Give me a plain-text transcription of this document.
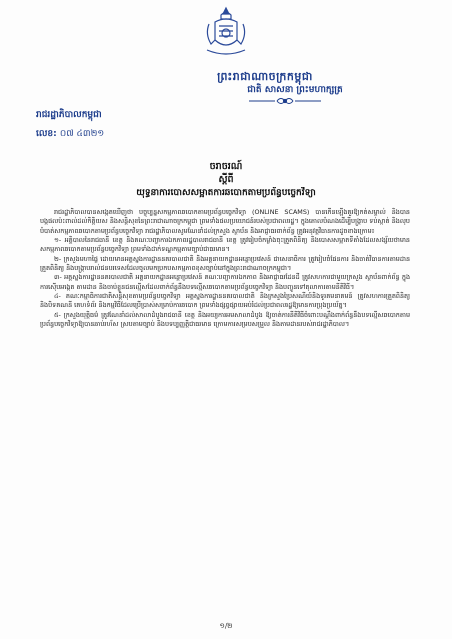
ព្រះរាជាណាចក្រកម្ពុជា
ជាតិ សាសនា ព្រះមហាក្សត្រ
រាជរដ្ឋាភិបាលកម្ពុជា
លេខ: ០៧ ៤៣២១
ចរាចរណ៍
ស្តីពី
យុទ្ធនាការបោសសម្អាតការឆបោកតាមប្រព័ន្ធបច្ចេកវិទ្យា

រាជរដ្ឋាភិបាលបានសង្កេតឃើញថា បច្ចុប្បន្នសកម្មភាពឆបោកតាមប្រព័ន្ធបច្ចេកវិទ្យា (ONLINE SCAMS) បានកើនឡើងគួរឱ្យកត់សម្គាល់ និងបានបង្កផលប៉ះពាល់ដល់កិត្តិយស និងសន្តិសុខនៃព្រះរាជាណាចក្រកម្ពុជា ព្រមទាំងផលប្រយោជន៍របស់ប្រជាពលរដ្ឋ។ ក្នុងគោលបំណងដើម្បីបង្ក្រាប ទប់ស្កាត់ និងលុបបំបាត់សកម្មភាពឆបោកតាមប្រព័ន្ធបច្ចេកវិទ្យា រាជរដ្ឋាភិបាលសូមណែនាំដល់ក្រសួង ស្ថាប័ន និងអាជ្ញាធរពាក់ព័ន្ធ ត្រូវអនុវត្តវិធានការដូចខាងក្រោម៖

១- អគ្គិបាលនៃរាជធានី ខេត្ត និងគណៈបញ្ជាការឯកភាពរដ្ឋបាលរាជធានី ខេត្ត ត្រូវរៀបចំកម្លាំងចុះត្រួតពិនិត្យ និងបោសសម្អាតទីតាំងដែលសង្ស័យថាមានសកម្មភាពឆបោកតាមប្រព័ន្ធបច្ចេកវិទ្យា ព្រមទាំងដាក់ទណ្ឌកម្មតាមច្បាប់ជាធរមាន។

២- ក្រសួងមហាផ្ទៃ ដោយមានអគ្គស្នងការដ្ឋាននគរបាលជាតិ និងអគ្គនាយកដ្ឋានអន្តោប្រវេសន៍ ជាសេនាធិការ ត្រូវរៀបចំផែនការ និងចាត់វិធានការតាមដាន ត្រួតពិនិត្យ និងបង្ក្រាបរាល់ជនបរទេសដែលចូលមកប្រកបសកម្មភាពខុសច្បាប់នៅក្នុងព្រះរាជាណាចក្រកម្ពុជា។

៣- អគ្គស្នងការដ្ឋាននគរបាលជាតិ អគ្គនាយកដ្ឋានអន្តោប្រវេសន៍ គណៈបញ្ជាការឯកភាព និងអាជ្ញាធរដែនដី ត្រូវសហការជាមួយក្រសួង ស្ថាប័នពាក់ព័ន្ធ ក្នុងការស៊ើបអង្កេត តាមដាន និងចាប់ខ្លួនជនល្មើសដែលពាក់ព័ន្ធនឹងបទល្មើសឆបោកតាមប្រព័ន្ធបច្ចេកវិទ្យា និងបញ្ជូនទៅតុលាការតាមនីតិវិធី។

៤- គណៈកម្មាធិការជាតិសន្តិសុខតាមប្រព័ន្ធបច្ចេកវិទ្យា អគ្គស្នងការដ្ឋាននគរបាលជាតិ និងក្រសួងប្រៃសណីយ៍និងទូរគមនាគមន៍ ត្រូវសហការត្រួតពិនិត្យ និងបិទគណនី គេហទំព័រ និងកម្មវិធីដែលប្រើប្រាស់សម្រាប់ការឆបោក ព្រមទាំងផ្សព្វផ្សាយអប់រំដល់ប្រជាពលរដ្ឋឱ្យមានការប្រុងប្រយ័ត្ន។

៥- ក្រសួងយុត្តិធម៌ ត្រូវណែនាំដល់សាលាដំបូងរាជធានី ខេត្ត និងអយ្យការអមសាលាដំបូង ឱ្យចាត់ការនីតិវិធីចំពោះបណ្ដឹងពាក់ព័ន្ធនឹងបទល្មើសឆបោកតាមប្រព័ន្ធបច្ចេកវិទ្យាឱ្យបានឆាប់រហ័ស ស្របតាមច្បាប់ និងបទប្បញ្ញត្តិជាធរមាន ក្រោមការសម្របសម្រួល និងតាមដានរបស់រាជរដ្ឋាភិបាល។

១/២
